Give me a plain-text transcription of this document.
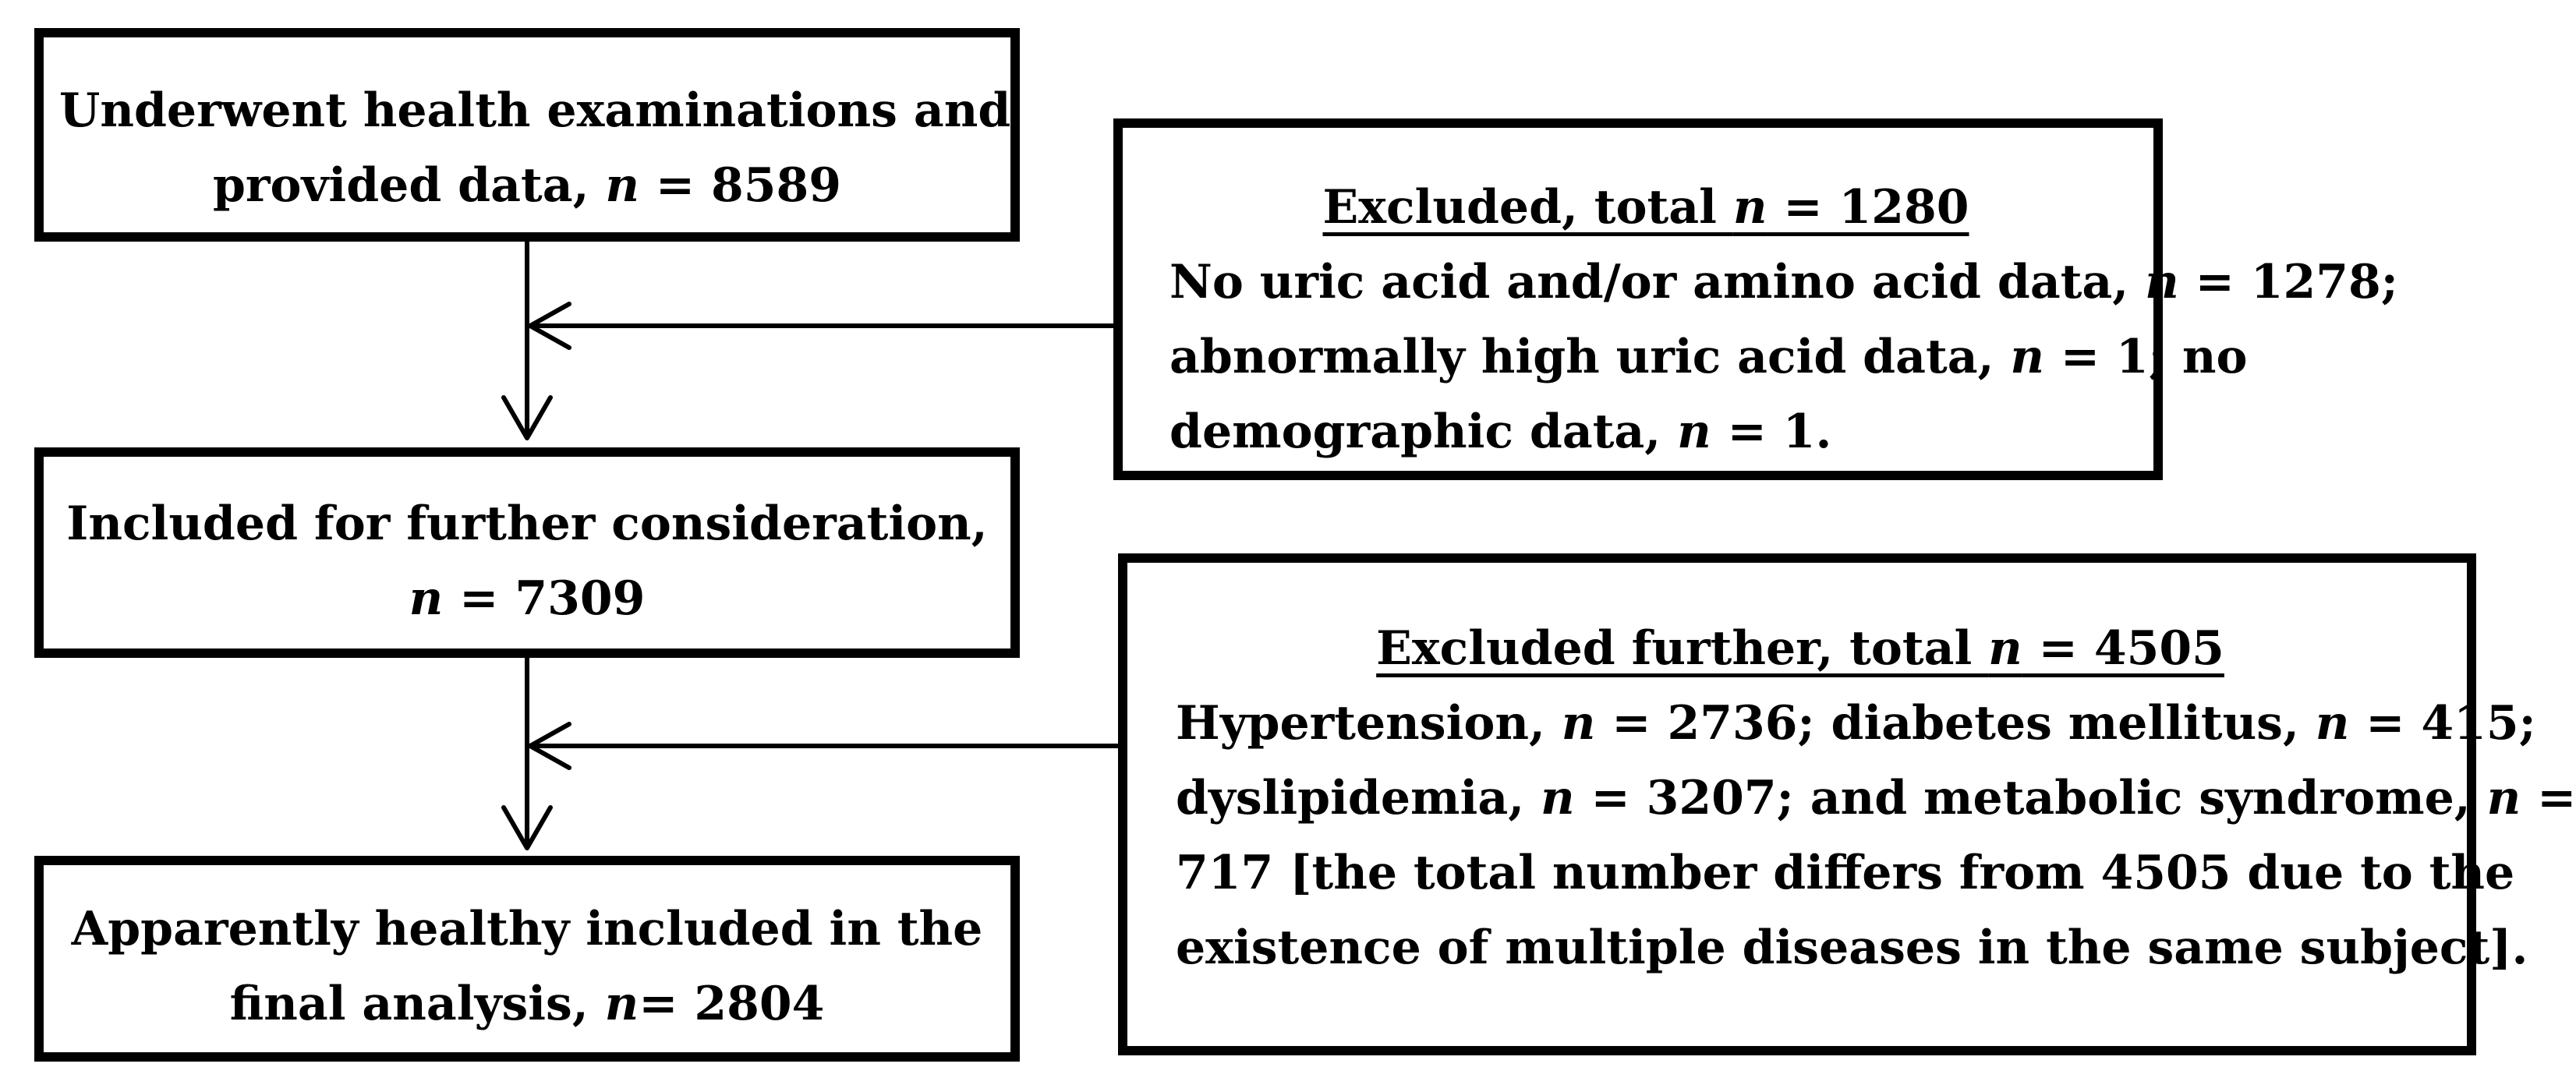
Underwent health examinations and
provided data, n = 8589
Included for further consideration,
n = 7309
Apparently healthy included in the
final analysis, n= 2804
Excluded, total n = 1280
No uric acid and/or amino acid data, n = 1278;
abnormally high uric acid data, n = 1; no
demographic data, n = 1.
Excluded further, total n = 4505
Hypertension, n = 2736; diabetes mellitus, n = 415;
dyslipidemia, n = 3207; and metabolic syndrome, n =
717 [the total number differs from 4505 due to the
existence of multiple diseases in the same subject].
